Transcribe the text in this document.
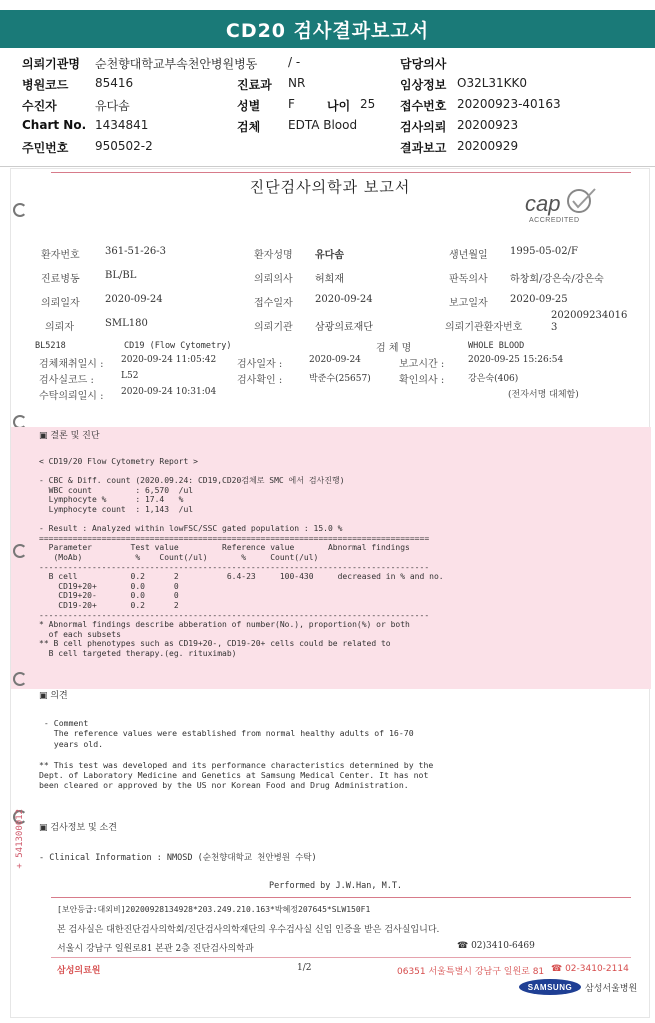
CD20 검사결과보고서
의뢰기관명 순천향대학교부속천안병원병동	/ -	담당의사
병원코드 85416	진료과 NR	임상정보 O32L31KK0
수진자	유다솜	성별 F	나이 25 접수번호 20200923-40163
Chart No. 1434841	검체 EDTA Blood	검사의뢰 20200923
주민번호 950502-2	결과보고 20200929
진단검사의학과 보고서
cap
ACCREDITED
환자번호	361-51-26-3	환자성명 유다솜	생년월일 1995-05-02/F
진료병동	BL/BL	의뢰의사 허희재	판독의사 하창회/강은숙/강은숙
의뢰일자	2020-09-24	접수일자 2020-09-24	보고일자 2020-09-25
의뢰자	SML180	의뢰기관 삼광의료재단	의뢰기관환자번호
202009234016
3
BL5218	CD19 (Flow Cytometry)	검 체 명	WHOLE BLOOD
검체채취일시 : 2020-09-24 11:05:42 검사일자 :	2020-09-24	보고시간 :	2020-09-25 15:26:54
검사실코드 :	L52	검사확인 :	박준수(25657)	확인의사 :	강은숙(406)
수탁의뢰일시 : 2020-09-24 10:31:04	(전자서명 대체함)
▣ 결론 및 진단
< CD19/20 Flow Cytometry Report >

- CBC & Diff. count (2020.09.24: CD19,CD20검체로 SMC 에서 검사진행)
WBC count         : 6,570  /ul
Lymphocyte %      : 17.4   %
Lymphocyte count  : 1,143  /ul

- Result : Analyzed within lowFSC/SSC gated population : 15.0 %
=================================================================================
Parameter        Test value         Reference value       Abnormal findings
(MoAb)           %    Count(/ul)       %     Count(/ul)
---------------------------------------------------------------------------------
B cell           0.2      2          6.4-23     100-430     decreased in % and no.
CD19+20+       0.0      0
CD19+20-       0.0      0
CD19-20+       0.2      2
---------------------------------------------------------------------------------
* Abnormal findings describe abberation of number(No.), proportion(%) or both
of each subsets
** B cell phenotypes such as CD19+20-, CD19-20+ cells could be related to
B cell targeted therapy.(eg. rituximab)
▣ 의견
- Comment
The reference values were established from normal healthy adults of 16-70
years old.

** This test was developed and its performance characteristics determined by the
Dept. of Laboratory Medicine and Genetics at Samsung Medical Center. It has not
been cleared or approved by the US nor Korean Food and Drug Administration.
▣ 검사정보 및 소견
- Clinical Information : NMOSD (순천향대학교 천안병원 수탁)
Performed by J.W.Han, M.T.
+ 541300012
[보안등급:대외비]20200928134928*203.249.210.163*박혜정207645*SLW150F1
본 검사실은 대한진단검사의학회/진단검사의학재단의 우수검사실 신임 인증을 받은 검사실입니다.
서울시 강남구 일원로81 본관 2층 진단검사의학과	☎ 02)3410-6469
삼성의료원	1/2	06351 서울특별시 강남구 일원로 81 ☎ 02-3410-2114
SAMSUNG	삼성서울병원
